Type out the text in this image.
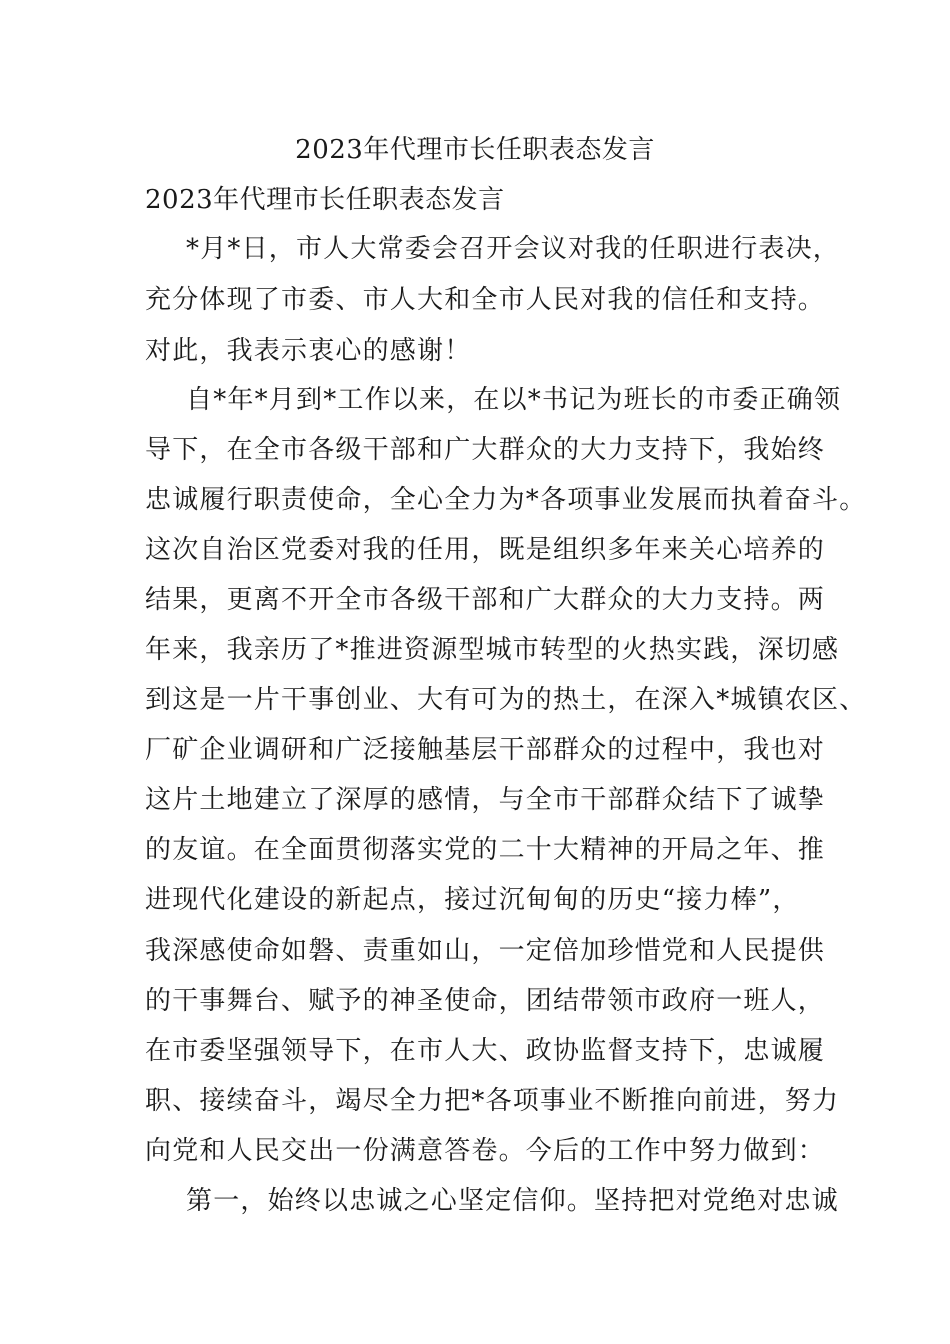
2023年代理市长任职表态发言
2023年代理市长任职表态发言
*月*日，市人大常委会召开会议对我的任职进行表决，
充分体现了市委、市人大和全市人民对我的信任和支持。
对此，我表示衷心的感谢！
自*年*月到*工作以来，在以*书记为班长的市委正确领
导下，在全市各级干部和广大群众的大力支持下，我始终
忠诚履行职责使命，全心全力为*各项事业发展而执着奋斗。
这次自治区党委对我的任用，既是组织多年来关心培养的
结果，更离不开全市各级干部和广大群众的大力支持。两
年来，我亲历了*推进资源型城市转型的火热实践，深切感
到这是一片干事创业、大有可为的热土，在深入*城镇农区、
厂矿企业调研和广泛接触基层干部群众的过程中，我也对
这片土地建立了深厚的感情，与全市干部群众结下了诚挚
的友谊。在全面贯彻落实党的二十大精神的开局之年、推
进现代化建设的新起点，接过沉甸甸的历史“接力棒”，
我深感使命如磐、责重如山，一定倍加珍惜党和人民提供
的干事舞台、赋予的神圣使命，团结带领市政府一班人，
在市委坚强领导下，在市人大、政协监督支持下，忠诚履
职、接续奋斗，竭尽全力把*各项事业不断推向前进，努力
向党和人民交出一份满意答卷。今后的工作中努力做到：
第一，始终以忠诚之心坚定信仰。坚持把对党绝对忠诚
